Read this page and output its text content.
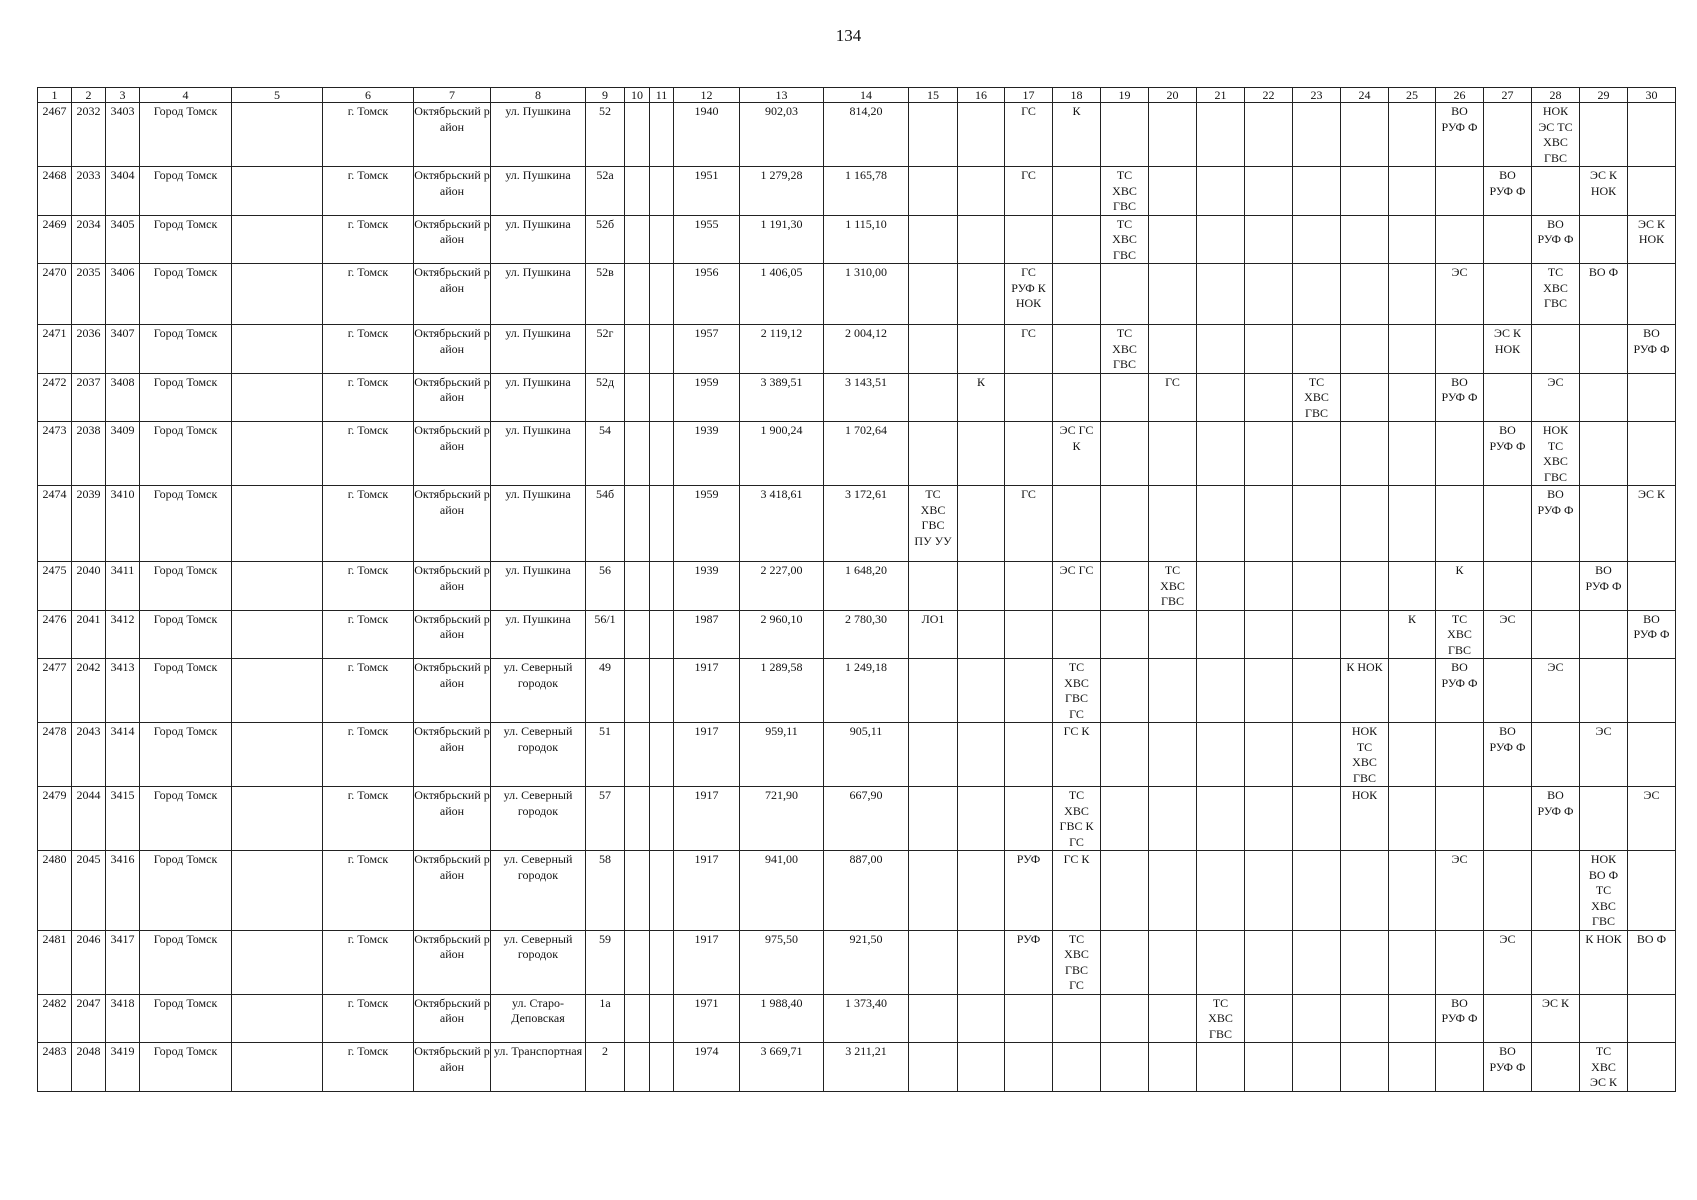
134
1	2	3	4	5	6	7	8	9	10	11	12	13	14	15	16	17	18	19	20	21	22	23	24	25	26	27	28	29	30
2467	2032	3403	Город Томск		г. Томск	Октябрьский район	ул. Пушкина	52			1940	902,03	814,20			ГС	К								ВО
РУФ Ф		НОК
ЭС ТС
ХВС
ГВС		
2468	2033	3404	Город Томск		г. Томск	Октябрьский район	ул. Пушкина	52а			1951	1 279,28	1 165,78			ГС		ТС
ХВС
ГВС								ВО
РУФ Ф		ЭС К
НОК	
2469	2034	3405	Город Томск		г. Томск	Октябрьский район	ул. Пушкина	52б			1955	1 191,30	1 115,10					ТС
ХВС
ГВС									ВО
РУФ Ф		ЭС К
НОК
2470	2035	3406	Город Томск		г. Томск	Октябрьский район	ул. Пушкина	52в			1956	1 406,05	1 310,00			ГС
РУФ К
НОК									ЭС		ТС
ХВС
ГВС	ВО Ф	
2471	2036	3407	Город Томск		г. Томск	Октябрьский район	ул. Пушкина	52г			1957	2 119,12	2 004,12			ГС		ТС
ХВС
ГВС								ЭС К
НОК			ВО
РУФ Ф
2472	2037	3408	Город Томск		г. Томск	Октябрьский район	ул. Пушкина	52д			1959	3 389,51	3 143,51		К				ГС			ТС
ХВС
ГВС			ВО
РУФ Ф		ЭС		
2473	2038	3409	Город Томск		г. Томск	Октябрьский район	ул. Пушкина	54			1939	1 900,24	1 702,64				ЭС ГС
К									ВО
РУФ Ф	НОК
ТС
ХВС
ГВС		
2474	2039	3410	Город Томск		г. Томск	Октябрьский район	ул. Пушкина	54б			1959	3 418,61	3 172,61	ТС
ХВС
ГВС
ПУ УУ		ГС											ВО
РУФ Ф		ЭС К
2475	2040	3411	Город Томск		г. Томск	Октябрьский район	ул. Пушкина	56			1939	2 227,00	1 648,20				ЭС ГС		ТС
ХВС
ГВС						К			ВО
РУФ Ф	
2476	2041	3412	Город Томск		г. Томск	Октябрьский район	ул. Пушкина	56/1			1987	2 960,10	2 780,30	ЛО1										К	ТС
ХВС
ГВС	ЭС			ВО
РУФ Ф
2477	2042	3413	Город Томск		г. Томск	Октябрьский район	ул. Северный городок	49			1917	1 289,58	1 249,18				ТС
ХВС
ГВС
ГС						К НОК		ВО
РУФ Ф		ЭС		
2478	2043	3414	Город Томск		г. Томск	Октябрьский район	ул. Северный городок	51			1917	959,11	905,11				ГС К						НОК
ТС
ХВС
ГВС			ВО
РУФ Ф		ЭС	
2479	2044	3415	Город Томск		г. Томск	Октябрьский район	ул. Северный городок	57			1917	721,90	667,90				ТС
ХВС
ГВС К
ГС						НОК				ВО
РУФ Ф		ЭС
2480	2045	3416	Город Томск		г. Томск	Октябрьский район	ул. Северный городок	58			1917	941,00	887,00			РУФ	ГС К								ЭС			НОК
ВО Ф
ТС
ХВС
ГВС	
2481	2046	3417	Город Томск		г. Томск	Октябрьский район	ул. Северный городок	59			1917	975,50	921,50			РУФ	ТС
ХВС
ГВС
ГС									ЭС		К НОК	ВО Ф
2482	2047	3418	Город Томск		г. Томск	Октябрьский район	ул. Старо-Деповская	1а			1971	1 988,40	1 373,40							ТС
ХВС
ГВС					ВО
РУФ Ф		ЭС К		
2483	2048	3419	Город Томск		г. Томск	Октябрьский район	ул. Транспортная	2			1974	3 669,71	3 211,21													ВО
РУФ Ф		ТС
ХВС
ЭС К	
